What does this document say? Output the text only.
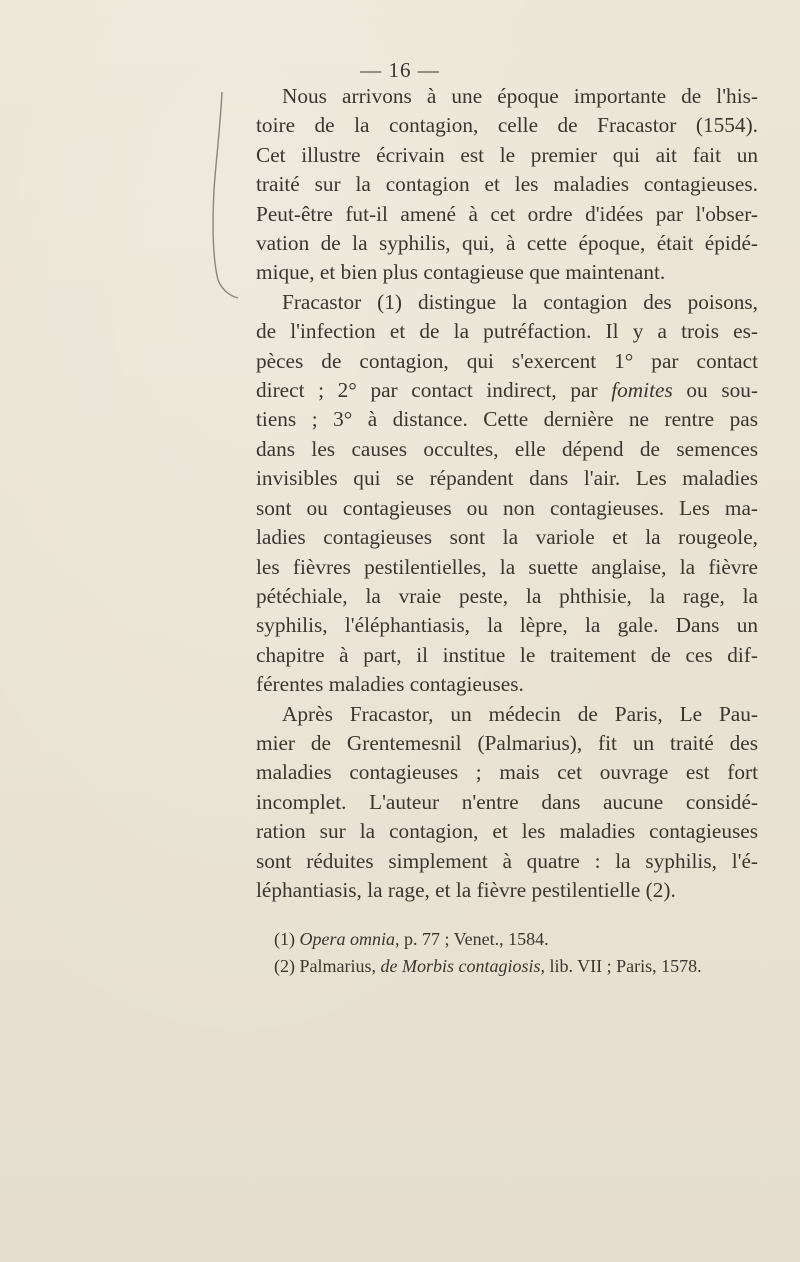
— 16 —
Nous arrivons à une époque importante de l'his-
toire de la contagion, celle de Fracastor (1554).
Cet illustre écrivain est le premier qui ait fait un
traité sur la contagion et les maladies contagieuses.
Peut-être fut-il amené à cet ordre d'idées par l'obser-
vation de la syphilis, qui, à cette époque, était épidé-
mique, et bien plus contagieuse que maintenant.
Fracastor (1) distingue la contagion des poisons,
de l'infection et de la putréfaction. Il y a trois es-
pèces de contagion, qui s'exercent 1° par contact
direct ; 2° par contact indirect, par fomites ou sou-
tiens ; 3° à distance. Cette dernière ne rentre pas
dans les causes occultes, elle dépend de semences
invisibles qui se répandent dans l'air. Les maladies
sont ou contagieuses ou non contagieuses. Les ma-
ladies contagieuses sont la variole et la rougeole,
les fièvres pestilentielles, la suette anglaise, la fièvre
pétéchiale, la vraie peste, la phthisie, la rage, la
syphilis, l'éléphantiasis, la lèpre, la gale. Dans un
chapitre à part, il institue le traitement de ces dif-
férentes maladies contagieuses.
Après Fracastor, un médecin de Paris, Le Pau-
mier de Grentemesnil (Palmarius), fit un traité des
maladies contagieuses ; mais cet ouvrage est fort
incomplet. L'auteur n'entre dans aucune considé-
ration sur la contagion, et les maladies contagieuses
sont réduites simplement à quatre : la syphilis, l'é-
léphantiasis, la rage, et la fièvre pestilentielle (2).
(1) Opera omnia, p. 77 ; Venet., 1584.
(2) Palmarius, de Morbis contagiosis, lib. VII ; Paris, 1578.
